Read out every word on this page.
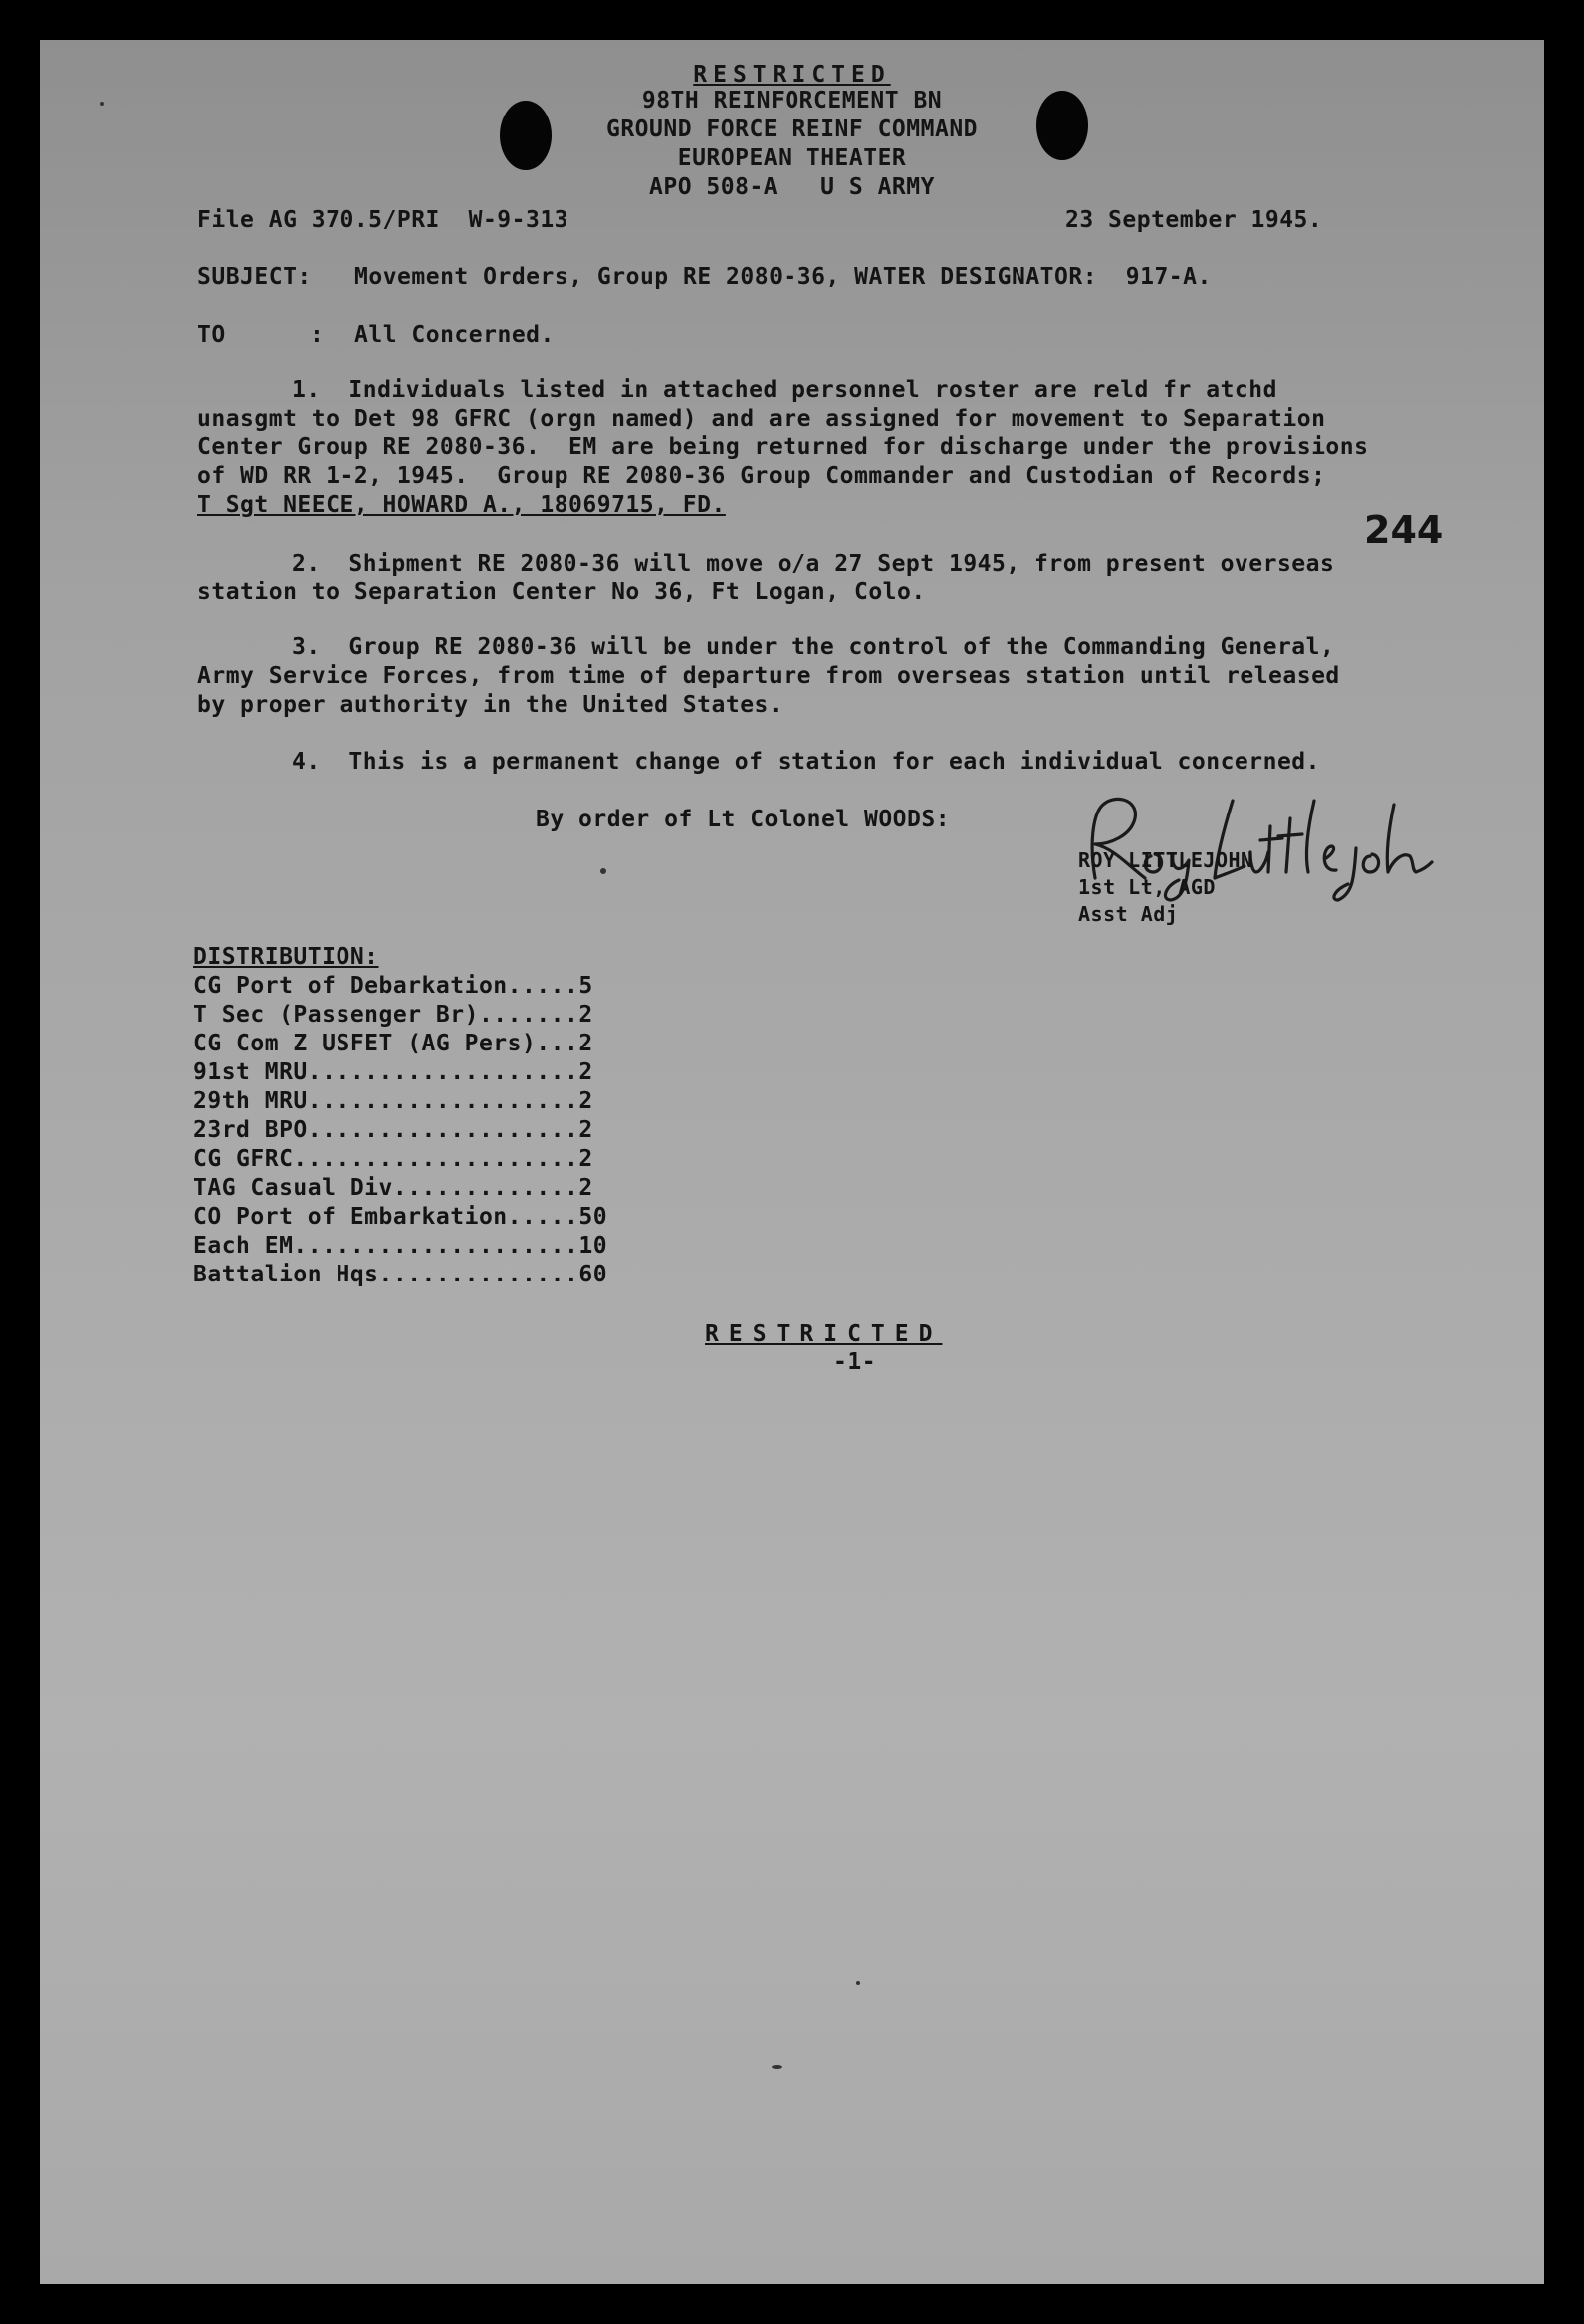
RESTRICTED
98TH REINFORCEMENT BN
GROUND FORCE REINF COMMAND
EUROPEAN THEATER
APO 508-A   U S ARMY
File AG 370.5/PRI  W-9-313	23 September 1945.
SUBJECT: Movement Orders, Group RE 2080-36, WATER DESIGNATOR:  917-A.
TO	: All Concerned.
1.  Individuals listed in attached personnel roster are reld fr atchd
unasgmt to Det 98 GFRC (orgn named) and are assigned for movement to Separation
Center Group RE 2080-36.  EM are being returned for discharge under the provisions
of WD RR 1-2, 1945.  Group RE 2080-36 Group Commander and Custodian of Records;
T Sgt NEECE, HOWARD A., 18069715, FD.
244
2.  Shipment RE 2080-36 will move o/a 27 Sept 1945, from present overseas
station to Separation Center No 36, Ft Logan, Colo.
3.  Group RE 2080-36 will be under the control of the Commanding General,
Army Service Forces, from time of departure from overseas station until released
by proper authority in the United States.
4.  This is a permanent change of station for each individual concerned.
By order of Lt Colonel WOODS:
ROY LITTLEJOHN
1st Lt, AGD
Asst Adj
DISTRIBUTION:
CG Port of Debarkation.....5
T Sec (Passenger Br).......2
CG Com Z USFET (AG Pers)...2
91st MRU...................2
29th MRU...................2
23rd BPO...................2
CG GFRC....................2
TAG Casual Div.............2
CO Port of Embarkation.....50
Each EM....................10
Battalion Hqs..............60
RESTRICTED
-1-
